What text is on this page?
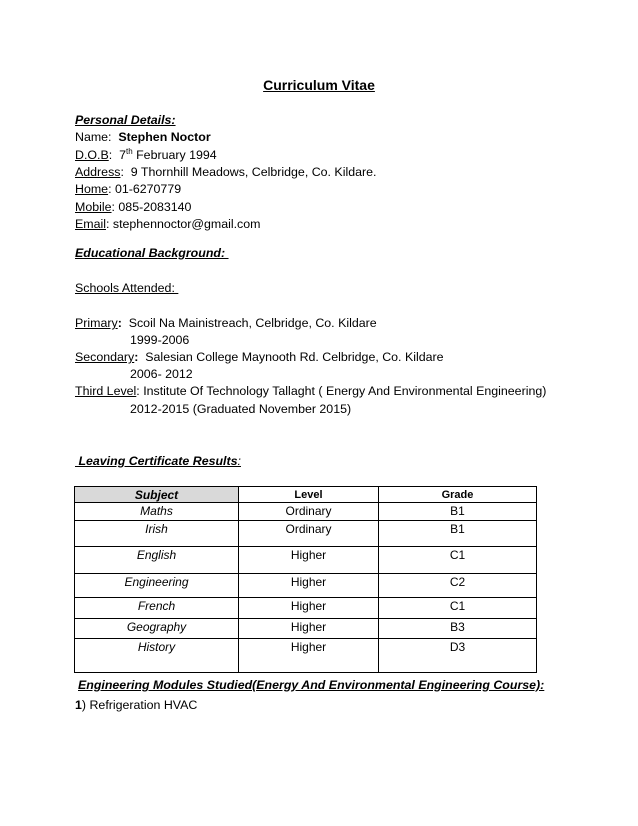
Curriculum Vitae
Personal Details:
Name: Stephen Noctor
D.O.B:  7th February 1994
Address:  9 Thornhill Meadows, Celbridge, Co. Kildare.
Home: 01-6270779
Mobile: 085-2083140
Email: stephennoctor@gmail.com
Educational Background:
Schools Attended:
Primary: Scoil Na Mainistreach, Celbridge, Co. Kildare
1999-2006
Secondary: Salesian College Maynooth Rd. Celbridge, Co. Kildare
2006- 2012
Third Level: Institute Of Technology Tallaght ( Energy And Environmental Engineering)
2012-2015 (Graduated November 2015)
Leaving Certificate Results:
Subject	Level	Grade
Maths	Ordinary	B1
Irish	Ordinary	B1
English	Higher	C1
Engineering	Higher	C2
French	Higher	C1
Geography	Higher	B3
History	Higher	D3
Engineering Modules Studied(Energy And Environmental Engineering Course):
1) Refrigeration HVAC
